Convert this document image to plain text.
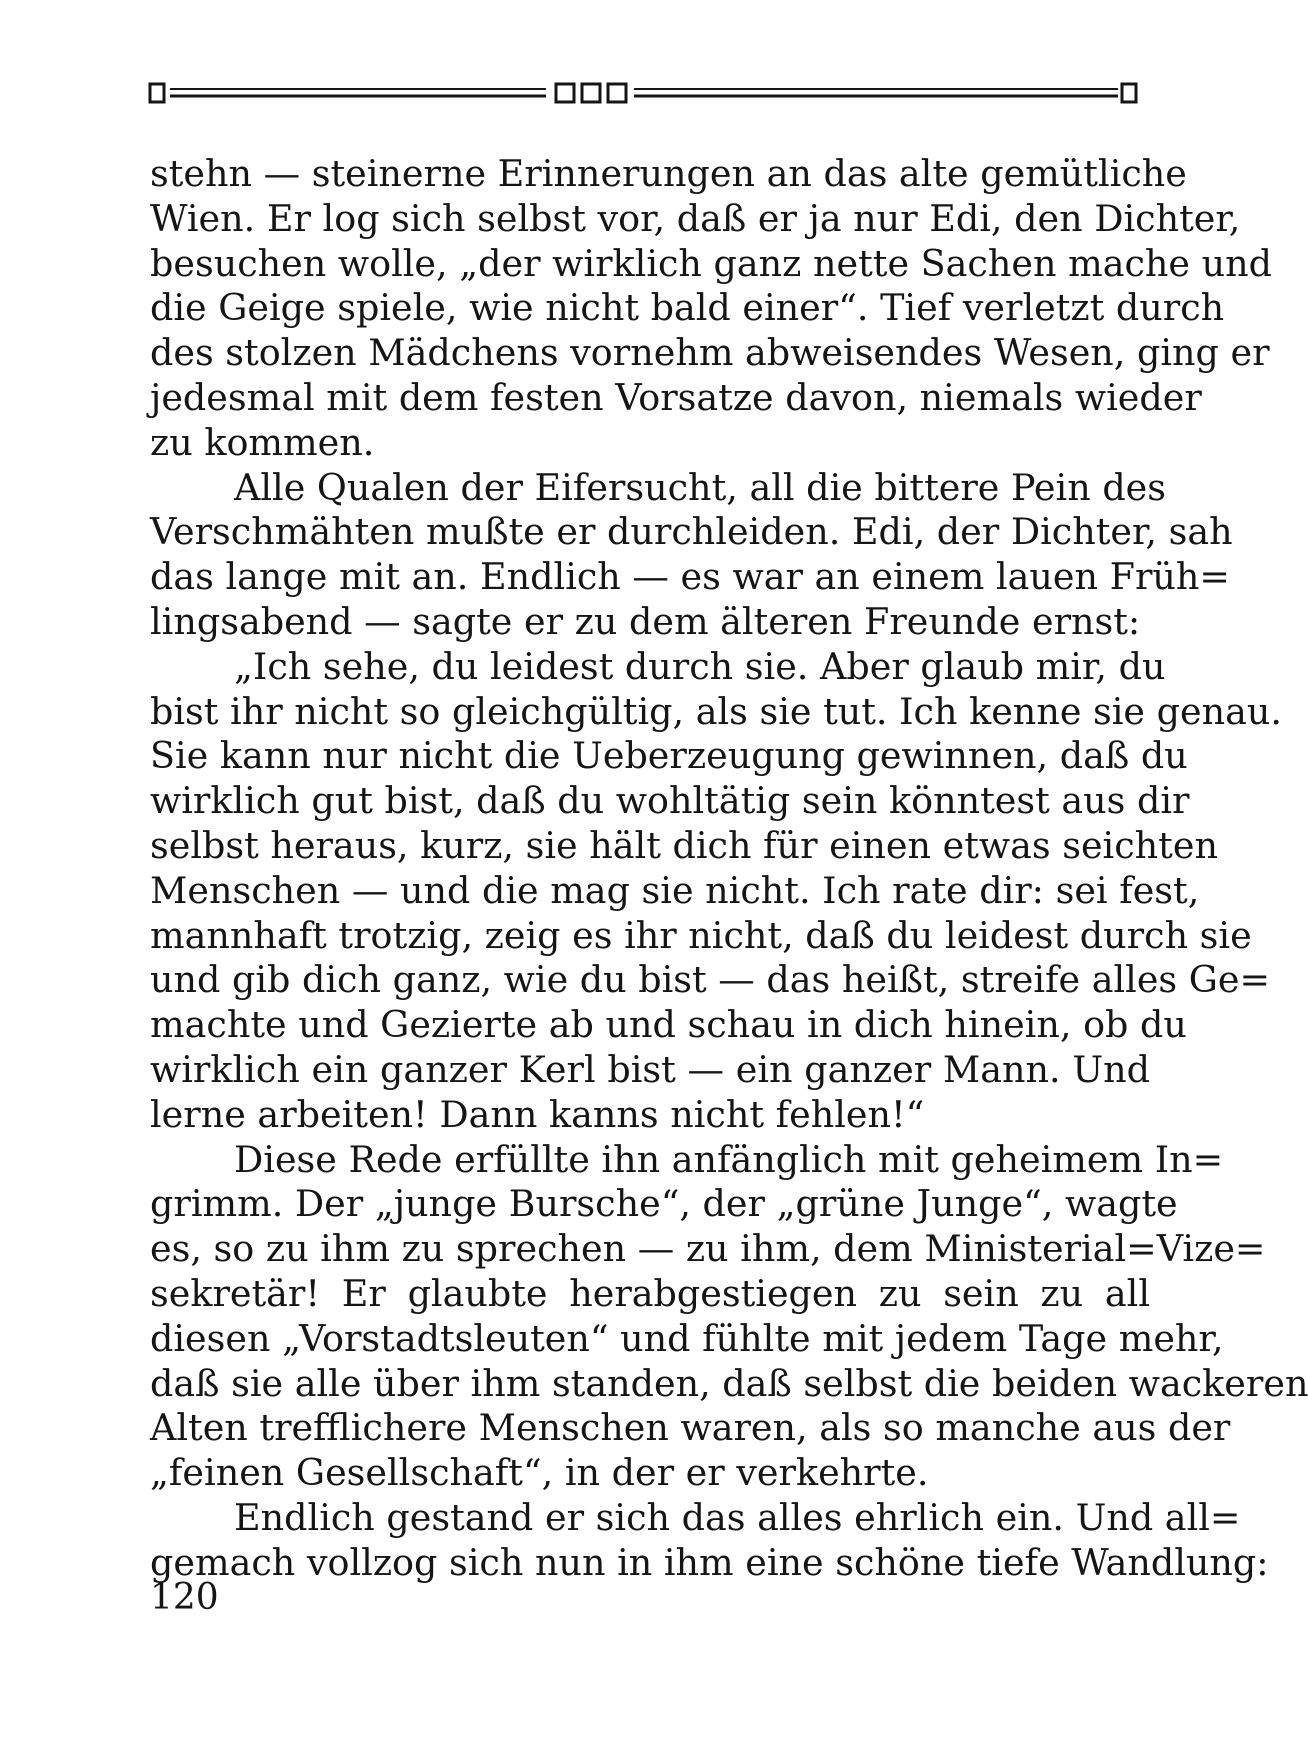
stehn — steinerne Erinnerungen an das alte gemütliche
Wien. Er log sich selbst vor, daß er ja nur Edi, den Dichter,
besuchen wolle, „der wirklich ganz nette Sachen mache und
die Geige spiele, wie nicht bald einer“. Tief verletzt durch
des stolzen Mädchens vornehm abweisendes Wesen, ging er
jedesmal mit dem festen Vorsatze davon, niemals wieder
zu kommen.

Alle Qualen der Eifersucht, all die bittere Pein des
Verschmähten mußte er durchleiden. Edi, der Dichter, sah
das lange mit an. Endlich — es war an einem lauen Früh=
lingsabend — sagte er zu dem älteren Freunde ernst:

„Ich sehe, du leidest durch sie. Aber glaub mir, du
bist ihr nicht so gleichgültig, als sie tut. Ich kenne sie genau.
Sie kann nur nicht die Ueberzeugung gewinnen, daß du
wirklich gut bist, daß du wohltätig sein könntest aus dir
selbst heraus, kurz, sie hält dich für einen etwas seichten
Menschen — und die mag sie nicht. Ich rate dir: sei fest,
mannhaft trotzig, zeig es ihr nicht, daß du leidest durch sie
und gib dich ganz, wie du bist — das heißt, streife alles Ge=
machte und Gezierte ab und schau in dich hinein, ob du
wirklich ein ganzer Kerl bist — ein ganzer Mann. Und
lerne arbeiten! Dann kanns nicht fehlen!“

Diese Rede erfüllte ihn anfänglich mit geheimem In=
grimm. Der „junge Bursche“, der „grüne Junge“, wagte
es, so zu ihm zu sprechen — zu ihm, dem Ministerial=Vize=
sekretär! Er glaubte herabgestiegen zu sein zu all
diesen „Vorstadtsleuten“ und fühlte mit jedem Tage mehr,
daß sie alle über ihm standen, daß selbst die beiden wackeren
Alten trefflichere Menschen waren, als so manche aus der
„feinen Gesellschaft“, in der er verkehrte.

Endlich gestand er sich das alles ehrlich ein. Und all=
gemach vollzog sich nun in ihm eine schöne tiefe Wandlung:

120
